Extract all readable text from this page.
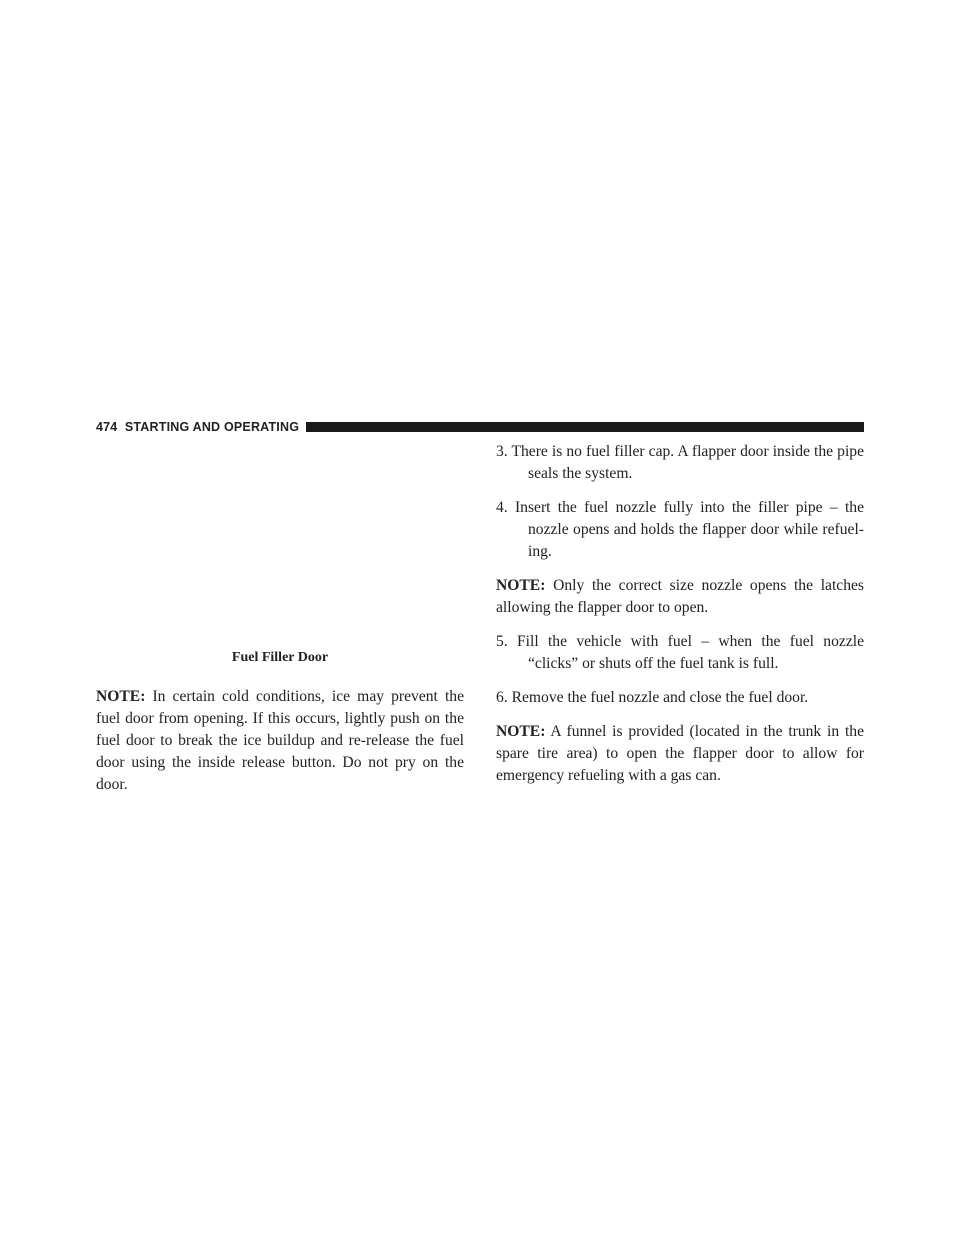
474 STARTING AND OPERATING
Fuel Filler Door

NOTE: In certain cold conditions, ice may prevent the fuel door from opening. If this occurs, lightly push on the fuel door to break the ice buildup and re-release the fuel door using the inside release button. Do not pry on the door.

3. There is no fuel filler cap. A flapper door inside the pipe seals the system.

4. Insert the fuel nozzle fully into the filler pipe – the nozzle opens and holds the flapper door while refuel-ing.

NOTE: Only the correct size nozzle opens the latches allowing the flapper door to open.

5. Fill the vehicle with fuel – when the fuel nozzle “clicks” or shuts off the fuel tank is full.

6. Remove the fuel nozzle and close the fuel door.

NOTE: A funnel is provided (located in the trunk in the spare tire area) to open the flapper door to allow for emergency refueling with a gas can.
